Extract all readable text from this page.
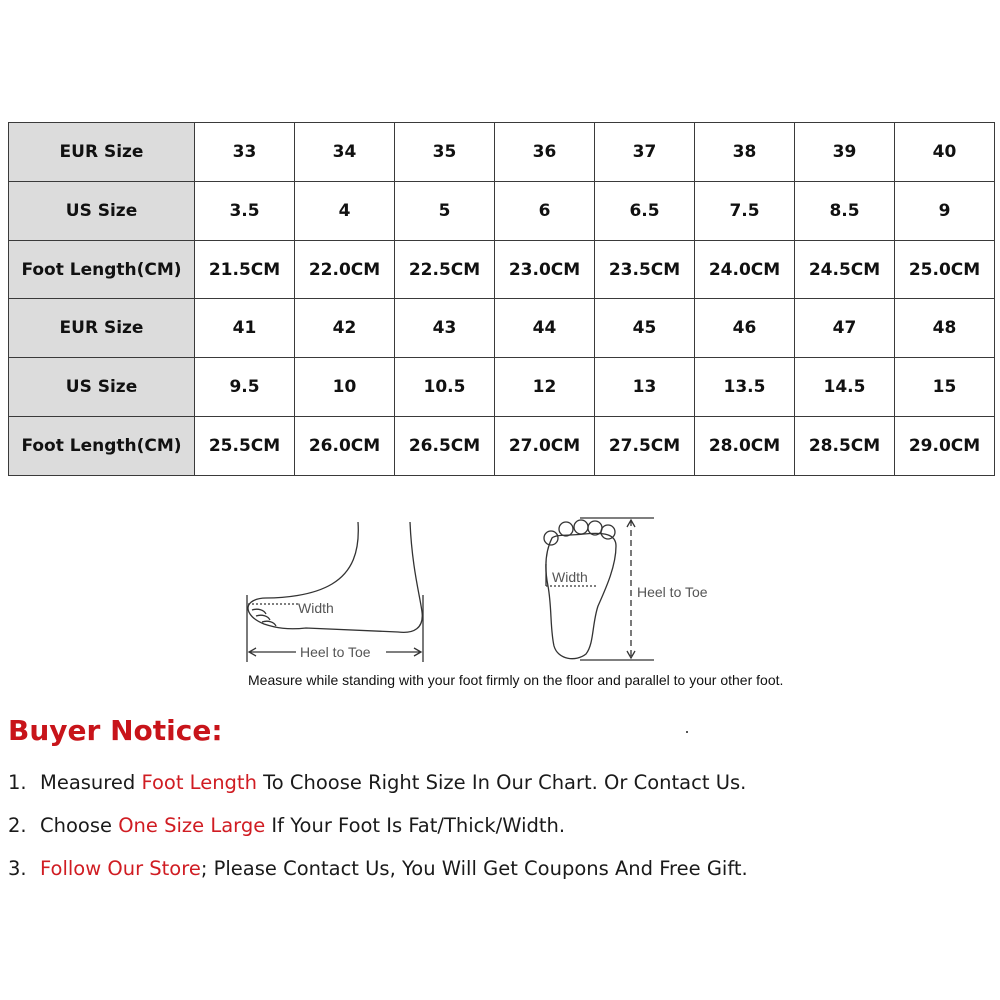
EUR Size	33	34	35	36	37	38	39	40
US Size	3.5	4	5	6	6.5	7.5	8.5	9
Foot Length(CM)	21.5CM	22.0CM	22.5CM	23.0CM	23.5CM	24.0CM	24.5CM	25.0CM
EUR Size	41	42	43	44	45	46	47	48
US Size	9.5	10	10.5	12	13	13.5	14.5	15
Foot Length(CM)	25.5CM	26.0CM	26.5CM	27.0CM	27.5CM	28.0CM	28.5CM	29.0CM
Width
Heel to Toe
Width
Heel to Toe
Measure while standing with your foot firmly on the floor and parallel to your other foot.
Buyer Notice:
1. Measured Foot Length To Choose Right Size In Our Chart. Or Contact Us.
2. Choose One Size Large If Your Foot Is Fat/Thick/Width.
3. Follow Our Store; Please Contact Us, You Will Get Coupons And Free Gift.
